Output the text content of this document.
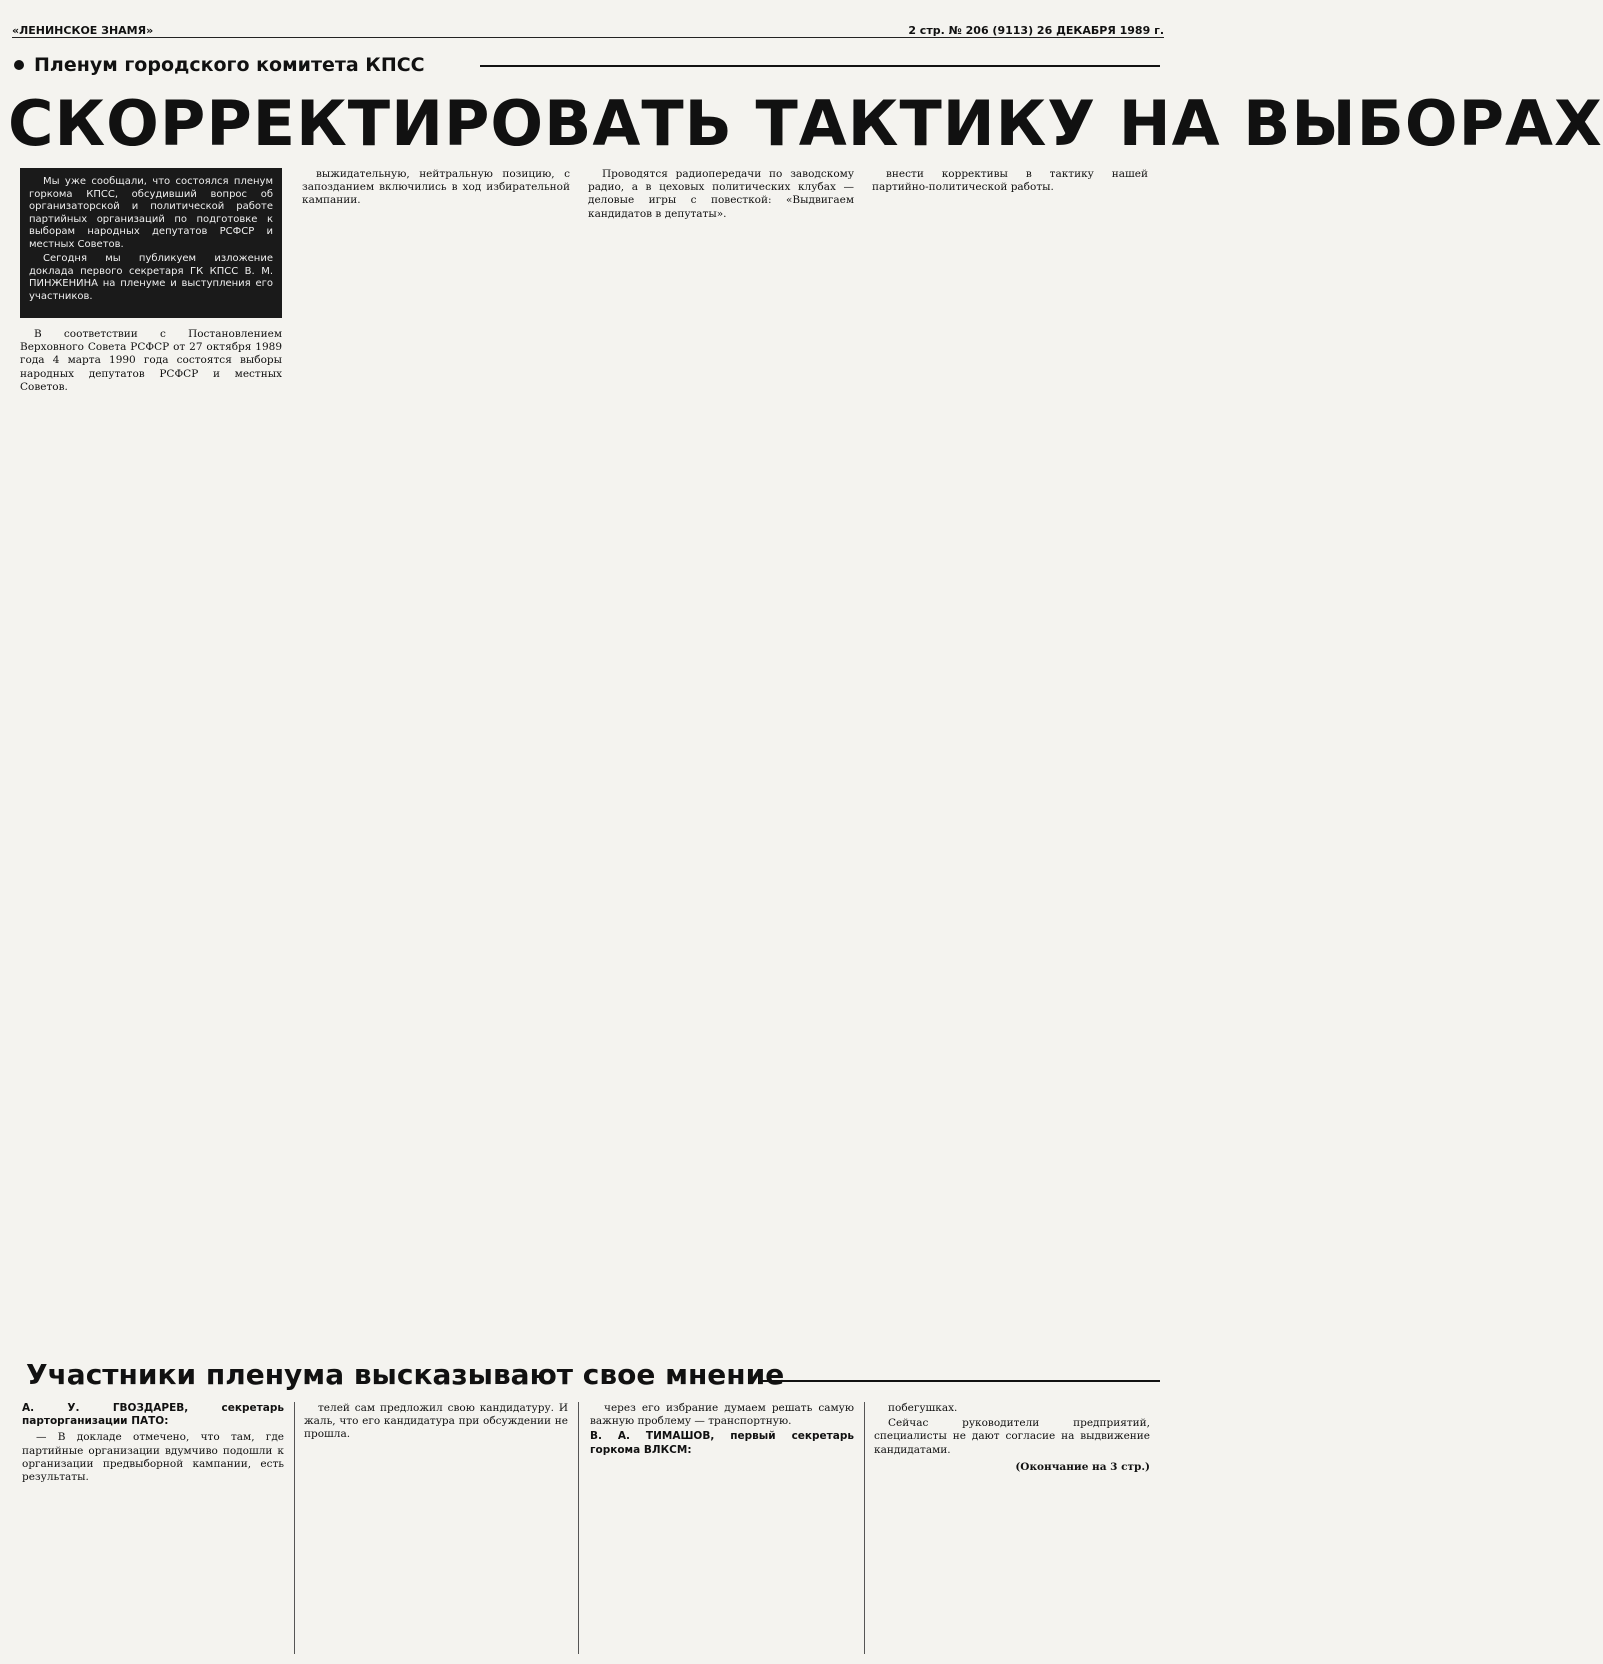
«ЛЕНИНСКОЕ ЗНАМЯ»	2 стр. № 206 (9113) 26 ДЕКАБРЯ 1989 г.
Пленум городского комитета КПСС
СКОРРЕКТИРОВАТЬ ТАКТИКУ НА ВЫБОРАХ

Мы уже сообщали, что состоялся пленум горкома КПСС, обсудивший вопрос об организаторской и политической работе партийных организаций по подготовке к выборам народных депутатов РСФСР и местных Советов.

Сегодня мы публикуем изложение доклада первого секретаря ГК КПСС В. М. ПИНЖЕНИНА на пленуме и выступления его участников.

В соответствии с Постановлением Верховного Совета РСФСР от 27 октября 1989 года 4 марта 1990 года состоятся выборы народных депутатов РСФСР и местных Советов.

выжидательную, нейтральную позицию, с запозданием включились в ход избирательной кампании.

Проводятся радиопередачи по заводскому радио, а в цеховых политических клубах — деловые игры с повесткой: «Выдвигаем кандидатов в депутаты».

внести коррективы в тактику нашей партийно-политической работы.

Участники пленума высказывают свое мнение
А. У. ГВОЗДАРЕВ, секретарь парторганизации ПАТО:

— В докладе отмечено, что там, где партийные организации вдумчиво подошли к организации предвыборной кампании, есть результаты.

телей сам предложил свою кандидатуру. И жаль, что его кандидатура при обсуждении не прошла.

через его избрание думаем решать самую важную проблему — транспортную.

В. А. ТИМАШОВ, первый секретарь горкома ВЛКСМ:

побегушках.

Сейчас руководители предприятий, специалисты не дают согласие на выдвижение кандидатами.

(Окончание на 3 стр.)
